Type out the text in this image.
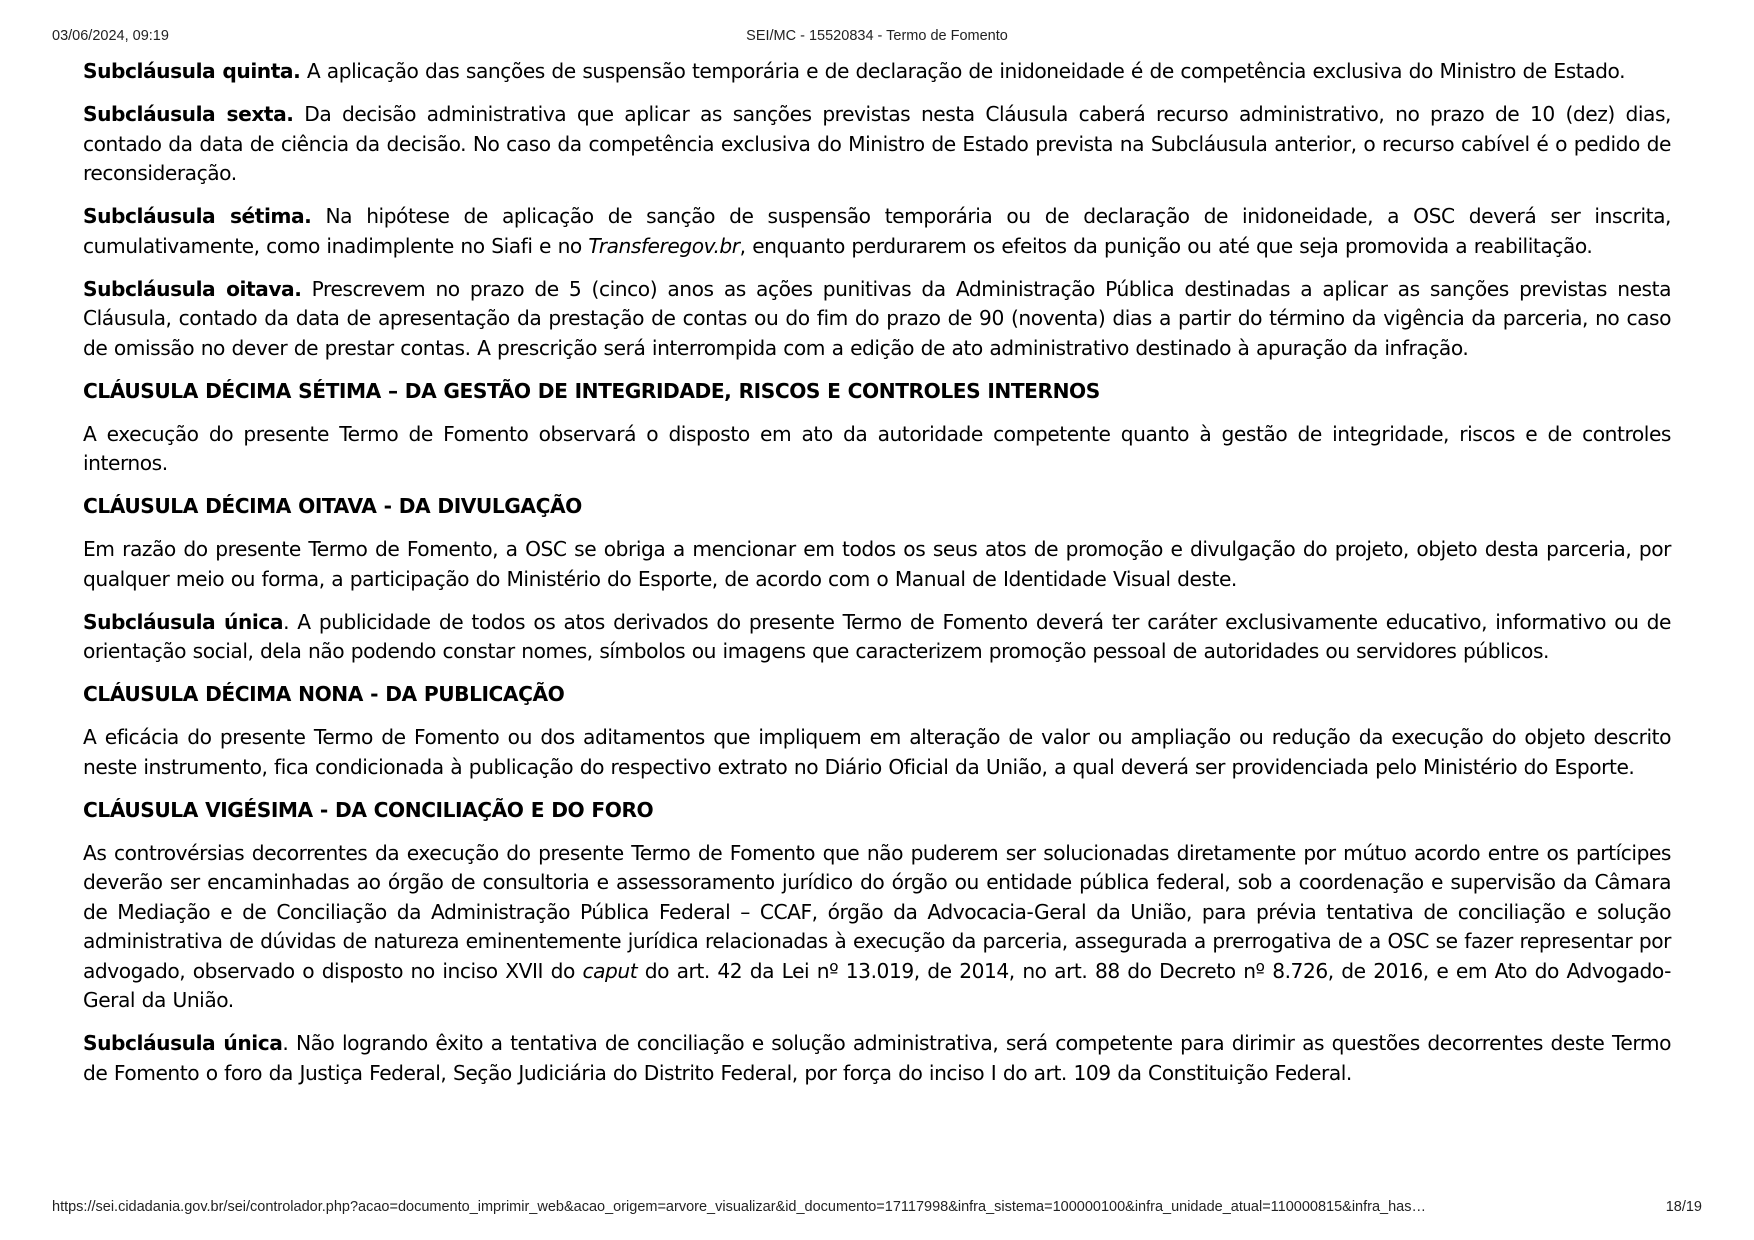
03/06/2024, 09:19	SEI/MC - 15520834 - Termo de Fomento

Subcláusula quinta. A aplicação das sanções de suspensão temporária e de declaração de inidoneidade é de competência exclusiva do Ministro de Estado.

Subcláusula sexta. Da decisão administrativa que aplicar as sanções previstas nesta Cláusula caberá recurso administrativo, no prazo de 10 (dez) dias, contado da data de ciência da decisão. No caso da competência exclusiva do Ministro de Estado prevista na Subcláusula anterior, o recurso cabível é o pedido de reconsideração.

Subcláusula sétima. Na hipótese de aplicação de sanção de suspensão temporária ou de declaração de inidoneidade, a OSC deverá ser inscrita, cumulativamente, como inadimplente no Siafi e no Transferegov.br, enquanto perdurarem os efeitos da punição ou até que seja promovida a reabilitação.

Subcláusula oitava. Prescrevem no prazo de 5 (cinco) anos as ações punitivas da Administração Pública destinadas a aplicar as sanções previstas nesta Cláusula, contado da data de apresentação da prestação de contas ou do fim do prazo de 90 (noventa) dias a partir do término da vigência da parceria, no caso de omissão no dever de prestar contas. A prescrição será interrompida com a edição de ato administrativo destinado à apuração da infração.

CLÁUSULA DÉCIMA SÉTIMA – DA GESTÃO DE INTEGRIDADE, RISCOS E CONTROLES INTERNOS

A execução do presente Termo de Fomento observará o disposto em ato da autoridade competente quanto à gestão de integridade, riscos e de controles internos.

CLÁUSULA DÉCIMA OITAVA - DA DIVULGAÇÃO

Em razão do presente Termo de Fomento, a OSC se obriga a mencionar em todos os seus atos de promoção e divulgação do projeto, objeto desta parceria, por qualquer meio ou forma, a participação do Ministério do Esporte, de acordo com o Manual de Identidade Visual deste.

Subcláusula única. A publicidade de todos os atos derivados do presente Termo de Fomento deverá ter caráter exclusivamente educativo, informativo ou de orientação social, dela não podendo constar nomes, símbolos ou imagens que caracterizem promoção pessoal de autoridades ou servidores públicos.

CLÁUSULA DÉCIMA NONA - DA PUBLICAÇÃO

A eficácia do presente Termo de Fomento ou dos aditamentos que impliquem em alteração de valor ou ampliação ou redução da execução do objeto descrito neste instrumento, fica condicionada à publicação do respectivo extrato no Diário Oficial da União, a qual deverá ser providenciada pelo Ministério do Esporte.

CLÁUSULA VIGÉSIMA - DA CONCILIAÇÃO E DO FORO

As controvérsias decorrentes da execução do presente Termo de Fomento que não puderem ser solucionadas diretamente por mútuo acordo entre os partícipes deverão ser encaminhadas ao órgão de consultoria e assessoramento jurídico do órgão ou entidade pública federal, sob a coordenação e supervisão da Câmara de Mediação e de Conciliação da Administração Pública Federal – CCAF, órgão da Advocacia-Geral da União, para prévia tentativa de conciliação e solução administrativa de dúvidas de natureza eminentemente jurídica relacionadas à execução da parceria, assegurada a prerrogativa de a OSC se fazer representar por advogado, observado o disposto no inciso XVII do caput do art. 42 da Lei nº 13.019, de 2014, no art. 88 do Decreto nº 8.726, de 2016, e em Ato do Advogado-Geral da União.

Subcláusula única. Não logrando êxito a tentativa de conciliação e solução administrativa, será competente para dirimir as questões decorrentes deste Termo de Fomento o foro da Justiça Federal, Seção Judiciária do Distrito Federal, por força do inciso I do art. 109 da Constituição Federal.

https://sei.cidadania.gov.br/sei/controlador.php?acao=documento_imprimir_web&acao_origem=arvore_visualizar&id_documento=17117998&infra_sistema=100000100&infra_unidade_atual=110000815&infra_has…	18/19
